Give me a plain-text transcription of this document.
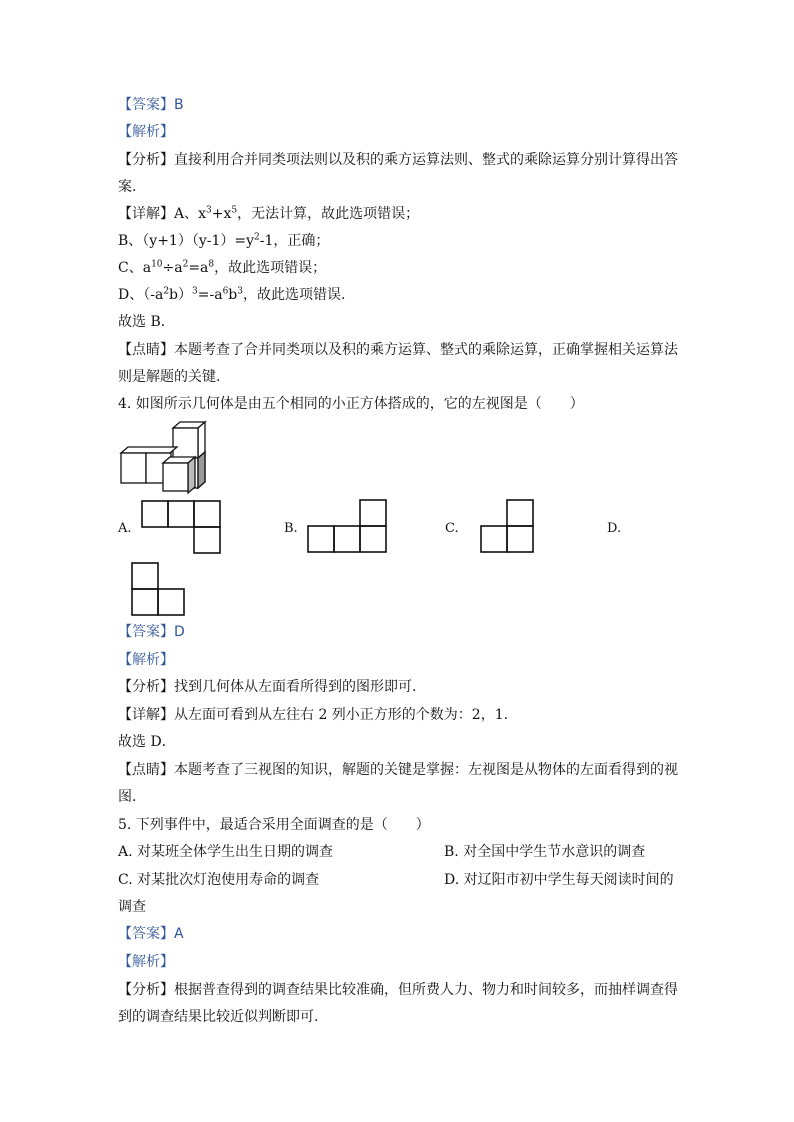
【答案】B
【解析】
【分析】直接利用合并同类项法则以及积的乘方运算法则、整式的乘除运算分别计算得出答
案.
【详解】A、$x^3+x^5$，无法计算，故此选项错误；
B、$(y+1)(y-1)=y^2-1$，正确；
C、$a^{10}\div a^2=a^8$，故此选项错误；
D、$(-a^2b)^3=-a^6b^3$，故此选项错误.
故选 B．
【点睛】本题考查了合并同类项以及积的乘方运算、整式的乘除运算，正确掌握相关运算法
则是解题的关键.
4. 如图所示几何体是由五个相同的小正方体搭成的，它的左视图是（　　）
A.	B.	C.	D.
【答案】D
【解析】
【分析】找到几何体从左面看所得到的图形即可.
【详解】从左面可看到从左往右 2 列小正方形的个数为：2，1.
故选 D．
【点睛】本题考查了三视图的知识，解题的关键是掌握：左视图是从物体的左面看得到的视
图.
5. 下列事件中，最适合采用全面调查的是（　　）
A. 对某班全体学生出生日期的调查	B. 对全国中学生节水意识的调查
C. 对某批次灯泡使用寿命的调查	D. 对辽阳市初中学生每天阅读时间的
调查
【答案】A
【解析】
【分析】根据普查得到的调查结果比较准确，但所费人力、物力和时间较多，而抽样调查得
到的调查结果比较近似判断即可.
